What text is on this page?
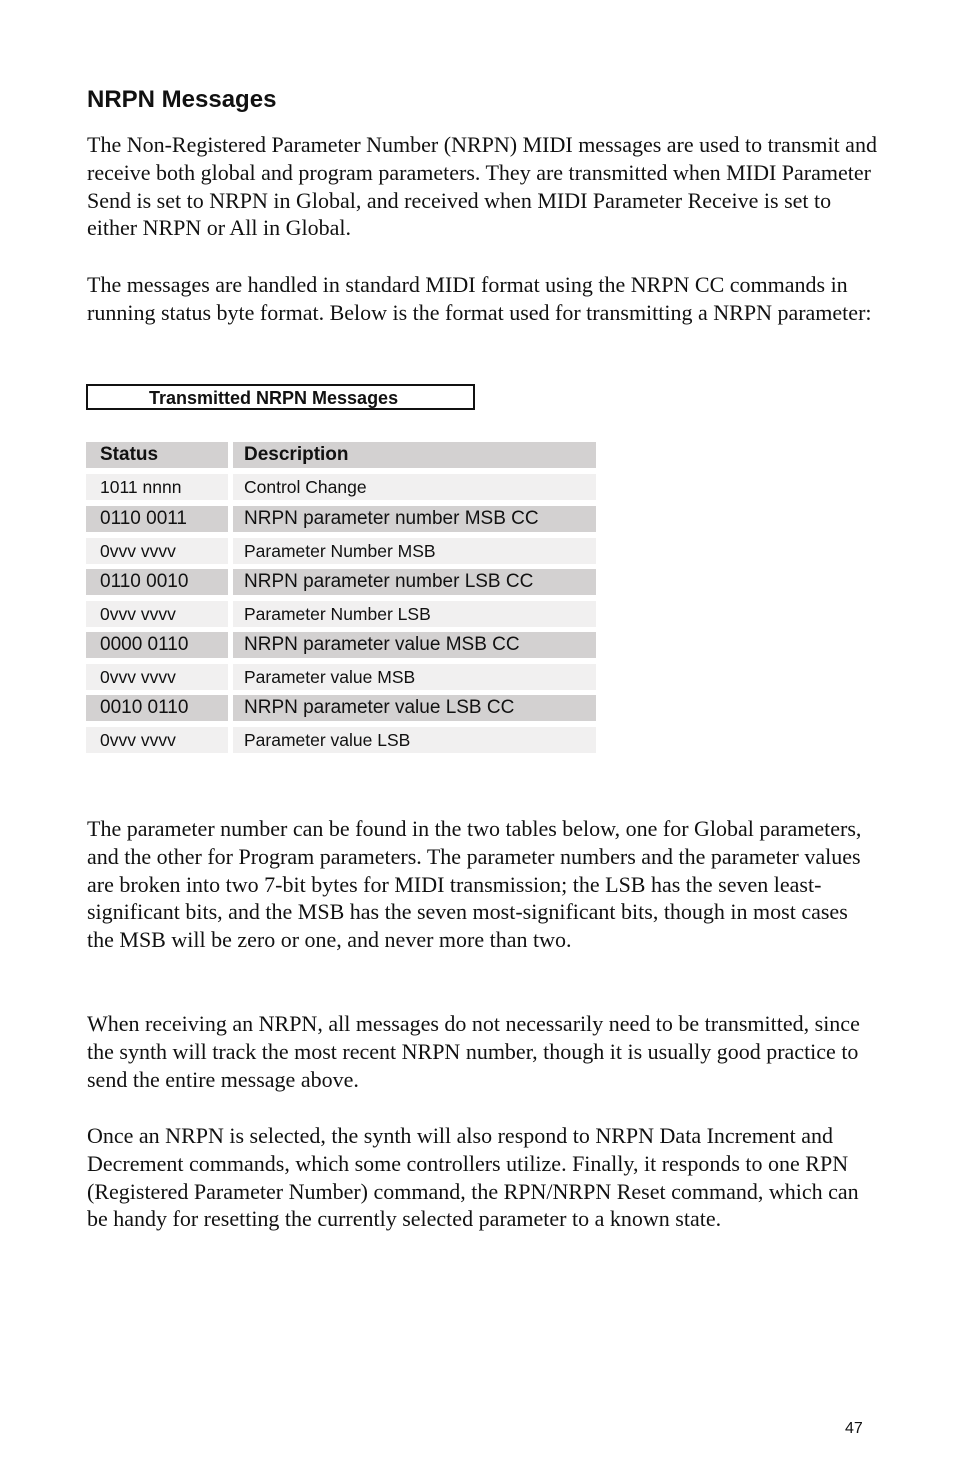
NRPN Messages

The Non-Registered Parameter Number (NRPN) MIDI messages are used to transmit and receive both global and program parameters. They are transmitted when MIDI Parameter Send is set to NRPN in Global, and received when MIDI Parameter Receive is set to either NRPN or All in Global.

The messages are handled in standard MIDI format using the NRPN CC commands in running status byte format. Below is the format used for transmitting a NRPN parameter:

Transmitted NRPN Messages
Status	Description
1011 nnnn	Control Change
0110 0011	NRPN parameter number MSB CC
0vvv vvvv	Parameter Number MSB
0110 0010	NRPN parameter number LSB CC
0vvv vvvv	Parameter Number LSB
0000 0110	NRPN parameter value MSB CC
0vvv vvvv	Parameter value MSB
0010 0110	NRPN parameter value LSB CC
0vvv vvvv	Parameter value LSB

The parameter number can be found in the two tables below, one for Global parameters, and the other for Program parameters. The parameter numbers and the parameter values are broken into two 7-bit bytes for MIDI transmission; the LSB has the seven least-significant bits, and the MSB has the seven most-significant bits, though in most cases the MSB will be zero or one, and never more than two.

When receiving an NRPN, all messages do not necessarily need to be transmitted, since the synth will track the most recent NRPN number, though it is usually good practice to send the entire message above.

Once an NRPN is selected, the synth will also respond to NRPN Data Increment and Decrement commands, which some controllers utilize. Finally, it responds to one RPN (Registered Parameter Number) command, the RPN/NRPN Reset command, which can be handy for resetting the currently selected parameter to a known state.

47
